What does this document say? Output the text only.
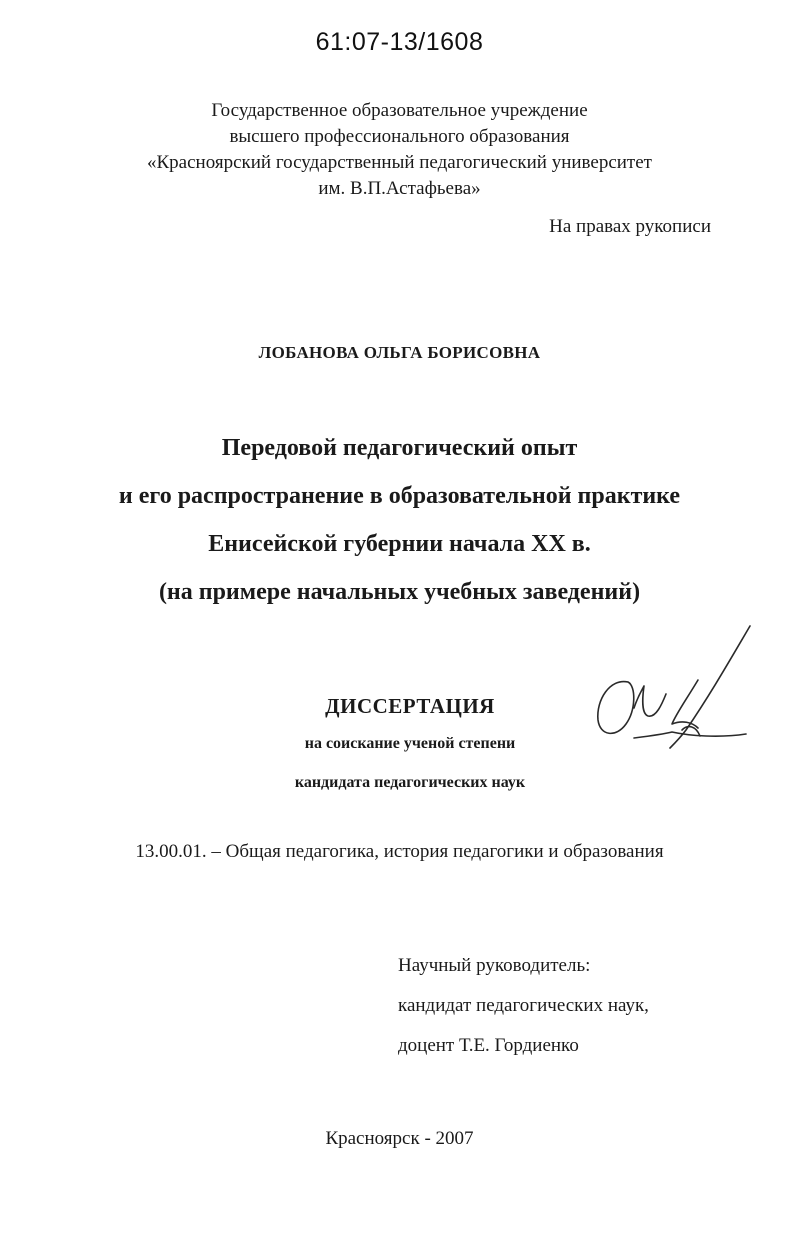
61:07-13/1608
Государственное образовательное учреждение
высшего профессионального образования
«Красноярский государственный педагогический университет
им. В.П.Астафьева»
На правах рукописи
ЛОБАНОВА ОЛЬГА БОРИСОВНА
Передовой педагогический опыт
и его распространение в образовательной практике
Енисейской губернии начала XX в.
(на примере начальных учебных заведений)
ДИССЕРТАЦИЯ
на соискание ученой степени
кандидата педагогических наук
13.00.01. – Общая педагогика, история педагогики и образования
Научный руководитель:
кандидат педагогических наук,
доцент Т.Е. Гордиенко
Красноярск - 2007
